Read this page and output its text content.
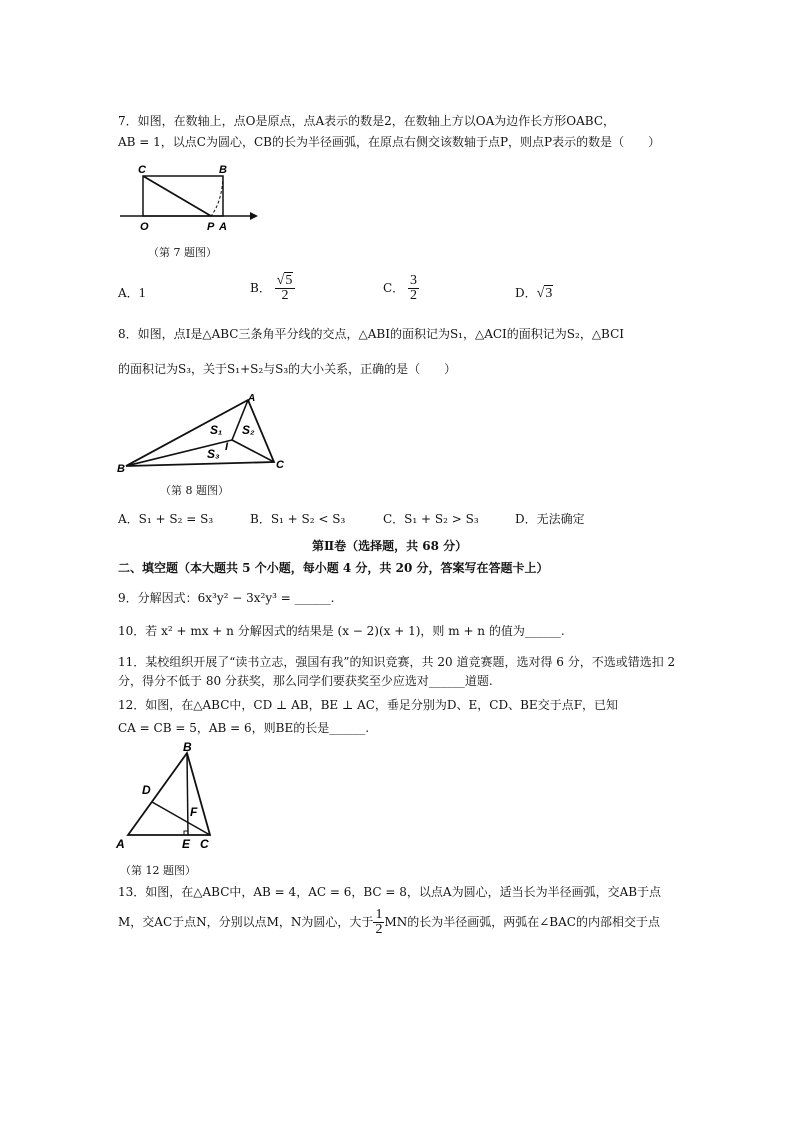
7．如图，在数轴上，点O是原点，点A表示的数是2，在数轴上方以OA为边作长方形OABC，
AB = 1，以点C为圆心，CB的长为半径画弧，在原点右侧交该数轴于点P，则点P表示的数是（　　）
C	B
O	P A
（第 7 题图）
A．1	B． $\frac{√5}{2}$	C． $\frac{3}{2}$	D．√3
8．如图，点I是△ABC三条角平分线的交点，△ABI的面积记为S₁，△ACI的面积记为S₂，△BCI
的面积记为S₃，关于S₁+S₂与S₃的大小关系，正确的是（　　）
A
B	C
I
S₁ S₂
S₃
（第 8 题图）
A．S₁ + S₂ = S₃	B．S₁ + S₂ < S₃	C．S₁ + S₂ > S₃	D．无法确定
第Ⅱ卷（选择题，共 68 分）
二、填空题（本大题共 5 个小题，每小题 4 分，共 20 分，答案写在答题卡上）
9．分解因式：6x³y² − 3x²y³ = ______.
10．若 x² + mx + n 分解因式的结果是 (x − 2)(x + 1)，则 m + n 的值为______.
11．某校组织开展了“读书立志，强国有我”的知识竞赛，共 20 道竞赛题，选对得 6 分，不选或错选扣 2
分，得分不低于 80 分获奖，那么同学们要获奖至少应选对______道题.
12．如图，在△ABC中，CD ⊥ AB，BE ⊥ AC，垂足分别为D、E，CD、BE交于点F，已知
CA = CB = 5，AB = 6，则BE的长是______.
A
B
C
D
E
F
（第 12 题图）
13．如图，在△ABC中，AB = 4，AC = 6，BC = 8，以点A为圆心，适当长为半径画弧，交AB于点
M，交AC于点N，分别以点M，N为圆心，大于 $\frac{1}{2}$ MN的长为半径画弧，两弧在∠BAC的内部相交于点
